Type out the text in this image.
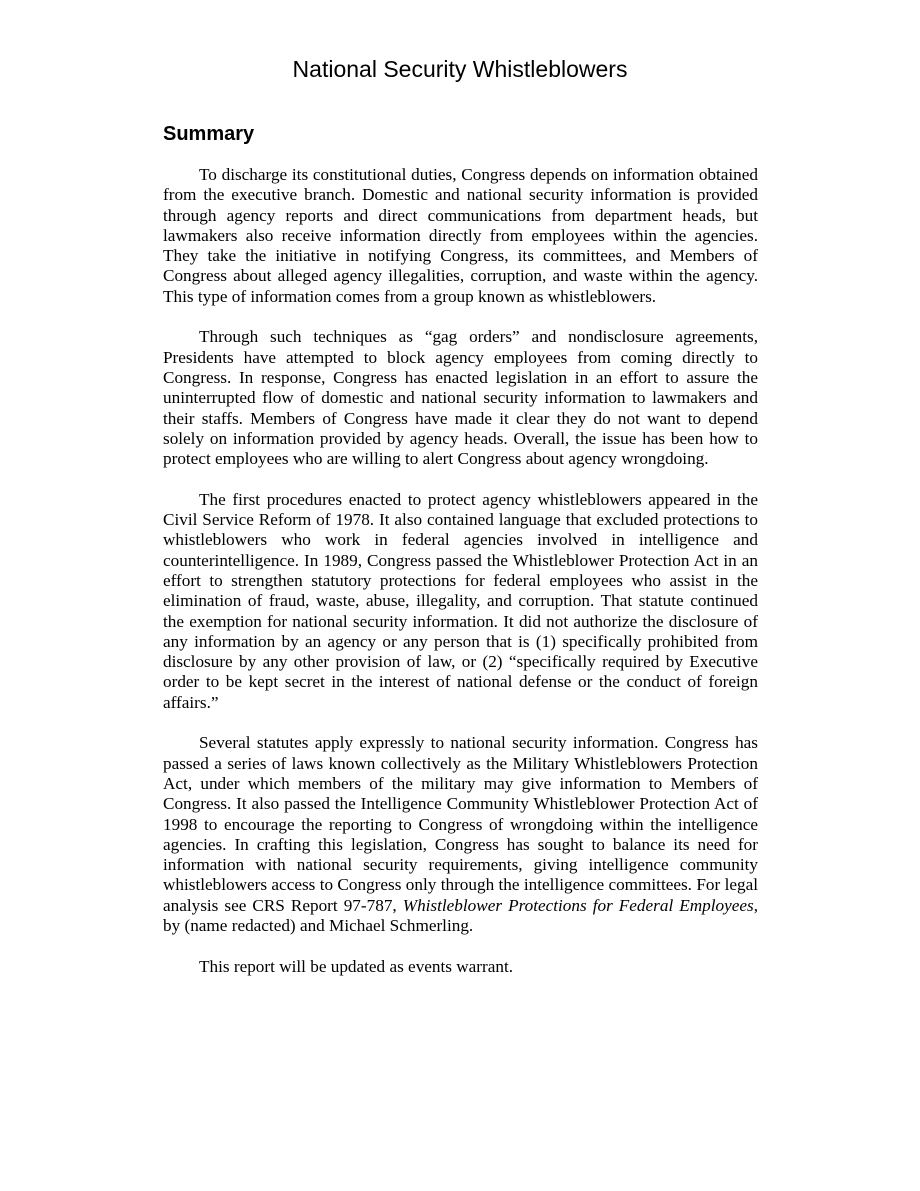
National Security Whistleblowers
Summary

To discharge its constitutional duties, Congress depends on information obtained from the executive branch. Domestic and national security information is provided through agency reports and direct communications from department heads, but lawmakers also receive information directly from employees within the agencies. They take the initiative in notifying Congress, its committees, and Members of Congress about alleged agency illegalities, corruption, and waste within the agency. This type of information comes from a group known as whistleblowers.

Through such techniques as “gag orders” and nondisclosure agreements, Presidents have attempted to block agency employees from coming directly to Congress. In response, Congress has enacted legislation in an effort to assure the uninterrupted flow of domestic and national security information to lawmakers and their staffs. Members of Congress have made it clear they do not want to depend solely on information provided by agency heads. Overall, the issue has been how to protect employees who are willing to alert Congress about agency wrongdoing.

The first procedures enacted to protect agency whistleblowers appeared in the Civil Service Reform of 1978. It also contained language that excluded protections to whistleblowers who work in federal agencies involved in intelligence and counterintelligence. In 1989, Congress passed the Whistleblower Protection Act in an effort to strengthen statutory protections for federal employees who assist in the elimination of fraud, waste, abuse, illegality, and corruption. That statute continued the exemption for national security information. It did not authorize the disclosure of any information by an agency or any person that is (1) specifically prohibited from disclosure by any other provision of law, or (2) “specifically required by Executive order to be kept secret in the interest of national defense or the conduct of foreign affairs.”

Several statutes apply expressly to national security information. Congress has passed a series of laws known collectively as the Military Whistleblowers Protection Act, under which members of the military may give information to Members of Congress. It also passed the Intelligence Community Whistleblower Protection Act of 1998 to encourage the reporting to Congress of wrongdoing within the intelligence agencies. In crafting this legislation, Congress has sought to balance its need for information with national security requirements, giving intelligence community whistleblowers access to Congress only through the intelligence committees. For legal analysis see CRS Report 97-787, Whistleblower Protections for Federal Employees, by (name redacted) and Michael Schmerling.

This report will be updated as events warrant.
